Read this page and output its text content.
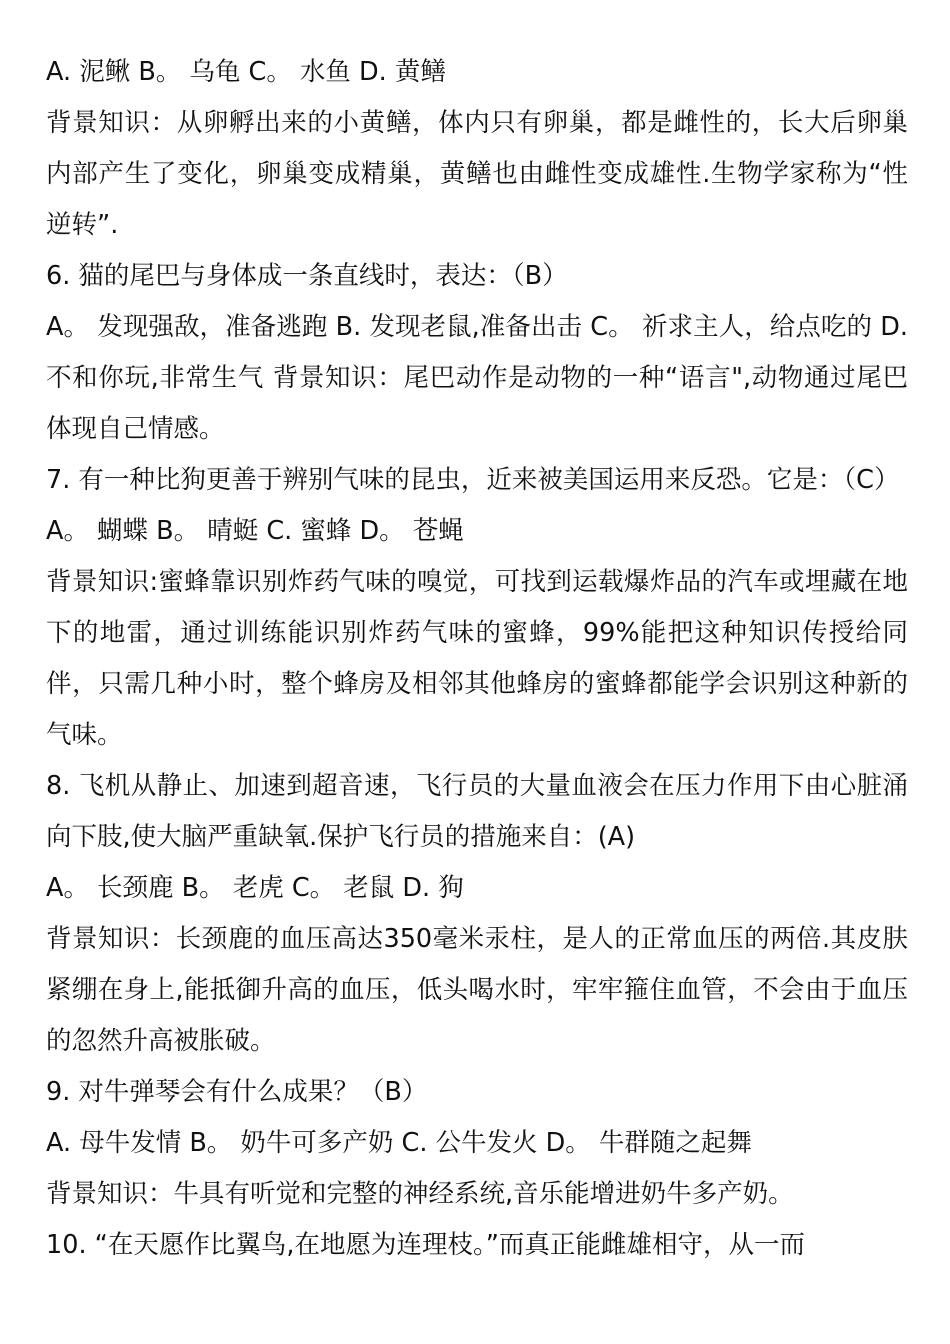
A. 泥鳅 B。 乌龟 C。 水鱼 D. 黄鳝

背景知识：从卵孵出来的小黄鳝，体内只有卵巢，都是雌性的，长大后卵巢内部产生了变化，卵巢变成精巢，黄鳝也由雌性变成雄性.生物学家称为“性逆转”.

6. 猫的尾巴与身体成一条直线时，表达：（B）

A。 发现强敌，准备逃跑 B. 发现老鼠,准备出击 C。 祈求主人，给点吃的 D. 不和你玩,非常生气 背景知识：尾巴动作是动物的一种“语言",动物通过尾巴体现自己情感。

7. 有一种比狗更善于辨别气味的昆虫，近来被美国运用来反恐。它是：（C）

A。 蝴蝶 B。 晴蜓 C. 蜜蜂 D。 苍蝇

背景知识:蜜蜂靠识别炸药气味的嗅觉，可找到运载爆炸品的汽车或埋藏在地下的地雷，通过训练能识别炸药气味的蜜蜂，99%能把这种知识传授给同伴，只需几种小时，整个蜂房及相邻其他蜂房的蜜蜂都能学会识别这种新的气味。

8. 飞机从静止、加速到超音速，飞行员的大量血液会在压力作用下由心脏涌向下肢,使大脑严重缺氧.保护飞行员的措施来自：(A)

A。 长颈鹿 B。 老虎 C。 老鼠 D. 狗

背景知识：长颈鹿的血压高达350毫米汞柱，是人的正常血压的两倍.其皮肤紧绷在身上,能抵御升高的血压，低头喝水时，牢牢箍住血管，不会由于血压的忽然升高被胀破。

9. 对牛弹琴会有什么成果？（B）

A. 母牛发情 B。 奶牛可多产奶 C. 公牛发火 D。 牛群随之起舞

背景知识：牛具有听觉和完整的神经系统,音乐能增进奶牛多产奶。

10. “在天愿作比翼鸟,在地愿为连理枝。”而真正能雌雄相守，从一而
